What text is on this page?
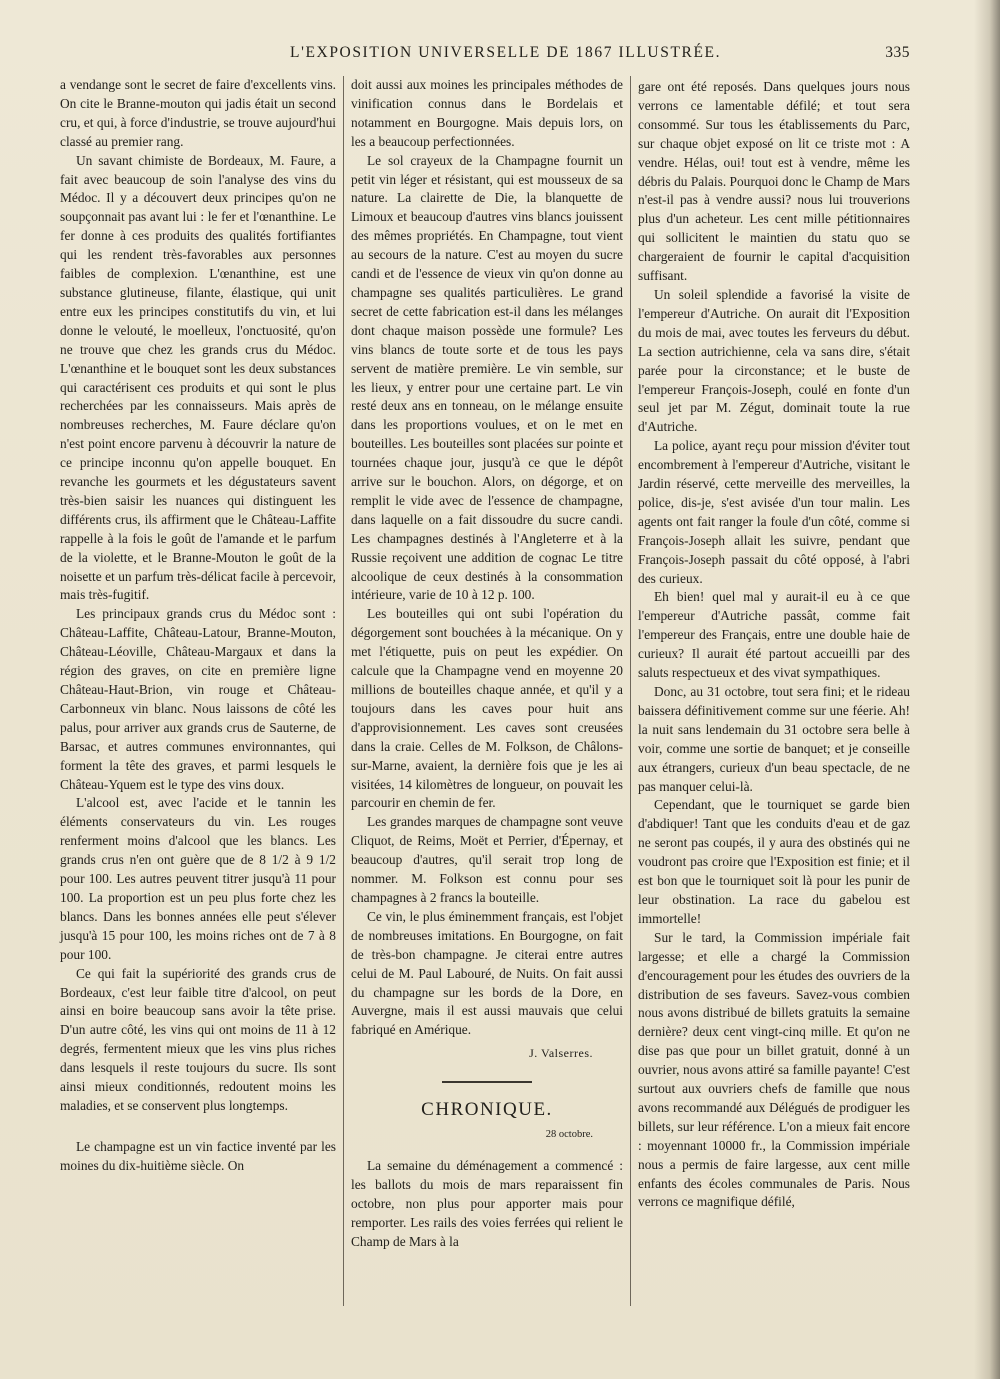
L'EXPOSITION UNIVERSELLE DE 1867 ILLUSTRÉE.	335

a vendange sont le secret de faire d'excellents vins. On cite le Branne-mouton qui jadis était un second cru, et qui, à force d'industrie, se trouve aujourd'hui classé au premier rang.

Un savant chimiste de Bordeaux, M. Faure, a fait avec beaucoup de soin l'analyse des vins du Médoc. Il y a découvert deux principes qu'on ne soupçonnait pas avant lui : le fer et l'œnanthine. Le fer donne à ces produits des qualités fortifiantes qui les rendent très-favorables aux personnes faibles de complexion. L'œnanthine, est une substance glutineuse, filante, élastique, qui unit entre eux les principes constitutifs du vin, et lui donne le velouté, le moelleux, l'onctuosité, qu'on ne trouve que chez les grands crus du Médoc. L'œnanthine et le bouquet sont les deux substances qui caractérisent ces produits et qui sont le plus recherchées par les connaisseurs. Mais après de nombreuses recherches, M. Faure déclare qu'on n'est point encore parvenu à découvrir la nature de ce principe inconnu qu'on appelle bouquet. En revanche les gourmets et les dégustateurs savent très-bien saisir les nuances qui distinguent les différents crus, ils affirment que le Château-Laffite rappelle à la fois le goût de l'amande et le parfum de la violette, et le Branne-Mouton le goût de la noisette et un parfum très-délicat facile à percevoir, mais très-fugitif.

Les principaux grands crus du Médoc sont : Château-Laffite, Château-Latour, Branne-Mouton, Château-Léoville, Château-Margaux et dans la région des graves, on cite en première ligne Château-Haut-Brion, vin rouge et Château-Carbonneux vin blanc. Nous laissons de côté les palus, pour arriver aux grands crus de Sauterne, de Barsac, et autres communes environnantes, qui forment la tête des graves, et parmi lesquels le Château-Yquem est le type des vins doux.

L'alcool est, avec l'acide et le tannin les éléments conservateurs du vin. Les rouges renferment moins d'alcool que les blancs. Les grands crus n'en ont guère que de 8 1/2 à 9 1/2 pour 100. Les autres peuvent titrer jusqu'à 11 pour 100. La proportion est un peu plus forte chez les blancs. Dans les bonnes années elle peut s'élever jusqu'à 15 pour 100, les moins riches ont de 7 à 8 pour 100.

Ce qui fait la supériorité des grands crus de Bordeaux, c'est leur faible titre d'alcool, on peut ainsi en boire beaucoup sans avoir la tête prise. D'un autre côté, les vins qui ont moins de 11 à 12 degrés, fermentent mieux que les vins plus riches dans lesquels il reste toujours du sucre. Ils sont ainsi mieux conditionnés, redoutent moins les maladies, et se conservent plus longtemps.

Le champagne est un vin factice inventé par les moines du dix-huitième siècle. On

doit aussi aux moines les principales méthodes de vinification connus dans le Bordelais et notamment en Bourgogne. Mais depuis lors, on les a beaucoup perfectionnées.

Le sol crayeux de la Champagne fournit un petit vin léger et résistant, qui est mousseux de sa nature. La clairette de Die, la blanquette de Limoux et beaucoup d'autres vins blancs jouissent des mêmes propriétés. En Champagne, tout vient au secours de la nature. C'est au moyen du sucre candi et de l'essence de vieux vin qu'on donne au champagne ses qualités particulières. Le grand secret de cette fabrication est-il dans les mélanges dont chaque maison possède une formule? Les vins blancs de toute sorte et de tous les pays servent de matière première. Le vin semble, sur les lieux, y entrer pour une certaine part. Le vin resté deux ans en tonneau, on le mélange ensuite dans les proportions voulues, et on le met en bouteilles. Les bouteilles sont placées sur pointe et tournées chaque jour, jusqu'à ce que le dépôt arrive sur le bouchon. Alors, on dégorge, et on remplit le vide avec de l'essence de champagne, dans laquelle on a fait dissoudre du sucre candi. Les champagnes destinés à l'Angleterre et à la Russie reçoivent une addition de cognac Le titre alcoolique de ceux destinés à la consommation intérieure, varie de 10 à 12 p. 100.

Les bouteilles qui ont subi l'opération du dégorgement sont bouchées à la mécanique. On y met l'étiquette, puis on peut les expédier. On calcule que la Champagne vend en moyenne 20 millions de bouteilles chaque année, et qu'il y a toujours dans les caves pour huit ans d'approvisionnement. Les caves sont creusées dans la craie. Celles de M. Folkson, de Châlons-sur-Marne, avaient, la dernière fois que je les ai visitées, 14 kilomètres de longueur, on pouvait les parcourir en chemin de fer.

Les grandes marques de champagne sont veuve Cliquot, de Reims, Moët et Perrier, d'Épernay, et beaucoup d'autres, qu'il serait trop long de nommer. M. Folkson est connu pour ses champagnes à 2 francs la bouteille.

Ce vin, le plus éminemment français, est l'objet de nombreuses imitations. En Bourgogne, on fait de très-bon champagne. Je citerai entre autres celui de M. Paul Labouré, de Nuits. On fait aussi du champagne sur les bords de la Dore, en Auvergne, mais il est aussi mauvais que celui fabriqué en Amérique.

J. Valserres.
CHRONIQUE.
28 octobre.

La semaine du déménagement a commencé : les ballots du mois de mars reparaissent fin octobre, non plus pour apporter mais pour remporter. Les rails des voies ferrées qui relient le Champ de Mars à la

gare ont été reposés. Dans quelques jours nous verrons ce lamentable défilé; et tout sera consommé. Sur tous les établissements du Parc, sur chaque objet exposé on lit ce triste mot : A vendre. Hélas, oui! tout est à vendre, même les débris du Palais. Pourquoi donc le Champ de Mars n'est-il pas à vendre aussi? nous lui trouverions plus d'un acheteur. Les cent mille pétitionnaires qui sollicitent le maintien du statu quo se chargeraient de fournir le capital d'acquisition suffisant.

Un soleil splendide a favorisé la visite de l'empereur d'Autriche. On aurait dit l'Exposition du mois de mai, avec toutes les ferveurs du début. La section autrichienne, cela va sans dire, s'était parée pour la circonstance; et le buste de l'empereur François-Joseph, coulé en fonte d'un seul jet par M. Zégut, dominait toute la rue d'Autriche.

La police, ayant reçu pour mission d'éviter tout encombrement à l'empereur d'Autriche, visitant le Jardin réservé, cette merveille des merveilles, la police, dis-je, s'est avisée d'un tour malin. Les agents ont fait ranger la foule d'un côté, comme si François-Joseph allait les suivre, pendant que François-Joseph passait du côté opposé, à l'abri des curieux.

Eh bien! quel mal y aurait-il eu à ce que l'empereur d'Autriche passât, comme fait l'empereur des Français, entre une double haie de curieux? Il aurait été partout accueilli par des saluts respectueux et des vivat sympathiques.

Donc, au 31 octobre, tout sera fini; et le rideau baissera définitivement comme sur une féerie. Ah! la nuit sans lendemain du 31 octobre sera belle à voir, comme une sortie de banquet; et je conseille aux étrangers, curieux d'un beau spectacle, de ne pas manquer celui-là.

Cependant, que le tourniquet se garde bien d'abdiquer! Tant que les conduits d'eau et de gaz ne seront pas coupés, il y aura des obstinés qui ne voudront pas croire que l'Exposition est finie; et il est bon que le tourniquet soit là pour les punir de leur obstination. La race du gabelou est immortelle!

Sur le tard, la Commission impériale fait largesse; et elle a chargé la Commission d'encouragement pour les études des ouvriers de la distribution de ses faveurs. Savez-vous combien nous avons distribué de billets gratuits la semaine dernière? deux cent vingt-cinq mille. Et qu'on ne dise pas que pour un billet gratuit, donné à un ouvrier, nous avons attiré sa famille payante! C'est surtout aux ouvriers chefs de famille que nous avons recommandé aux Délégués de prodiguer les billets, sur leur référence. L'on a mieux fait encore : moyennant 10000 fr., la Commission impériale nous a permis de faire largesse, aux cent mille enfants des écoles communales de Paris. Nous verrons ce magnifique défilé,
